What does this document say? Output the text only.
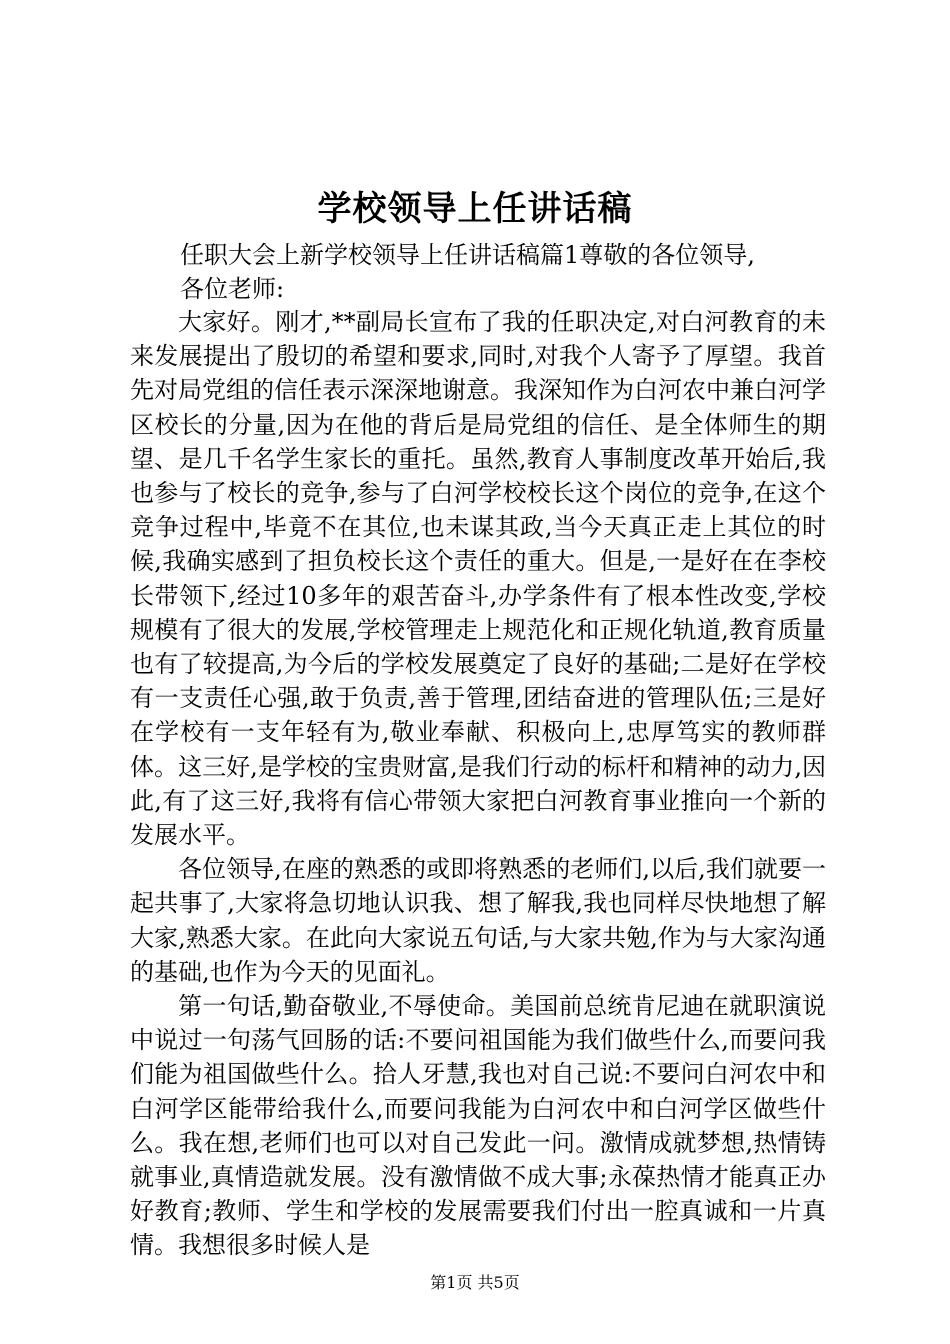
学校领导上任讲话稿
任职大会上新学校领导上任讲话稿篇1尊敬的各位领导,
各位老师:

大家好。刚才,**副局长宣布了我的任职决定,对白河教育的未来发展提出了殷切的希望和要求,同时,对我个人寄予了厚望。我首先对局党组的信任表示深深地谢意。我深知作为白河农中兼白河学区校长的分量,因为在他的背后是局党组的信任、是全体师生的期望、是几千名学生家长的重托。虽然,教育人事制度改革开始后,我也参与了校长的竞争,参与了白河学校校长这个岗位的竞争,在这个竞争过程中,毕竟不在其位,也未谋其政,当今天真正走上其位的时候,我确实感到了担负校长这个责任的重大。但是,一是好在在李校长带领下,经过10多年的艰苦奋斗,办学条件有了根本性改变,学校规模有了很大的发展,学校管理走上规范化和正规化轨道,教育质量也有了较提高,为今后的学校发展奠定了良好的基础;二是好在学校有一支责任心强,敢于负责,善于管理,团结奋进的管理队伍;三是好在学校有一支年轻有为,敬业奉献、积极向上,忠厚笃实的教师群体。这三好,是学校的宝贵财富,是我们行动的标杆和精神的动力,因此,有了这三好,我将有信心带领大家把白河教育事业推向一个新的发展水平。

各位领导,在座的熟悉的或即将熟悉的老师们,以后,我们就要一起共事了,大家将急切地认识我、想了解我,我也同样尽快地想了解大家,熟悉大家。在此向大家说五句话,与大家共勉,作为与大家沟通的基础,也作为今天的见面礼。

第一句话,勤奋敬业,不辱使命。美国前总统肯尼迪在就职演说中说过一句荡气回肠的话:不要问祖国能为我们做些什么,而要问我们能为祖国做些什么。拾人牙慧,我也对自己说:不要问白河农中和白河学区能带给我什么,而要问我能为白河农中和白河学区做些什么。我在想,老师们也可以对自己发此一问。激情成就梦想,热情铸就事业,真情造就发展。没有激情做不成大事;永葆热情才能真正办好教育;教师、学生和学校的发展需要我们付出一腔真诚和一片真情。我想很多时候人是

第1页 共5页
